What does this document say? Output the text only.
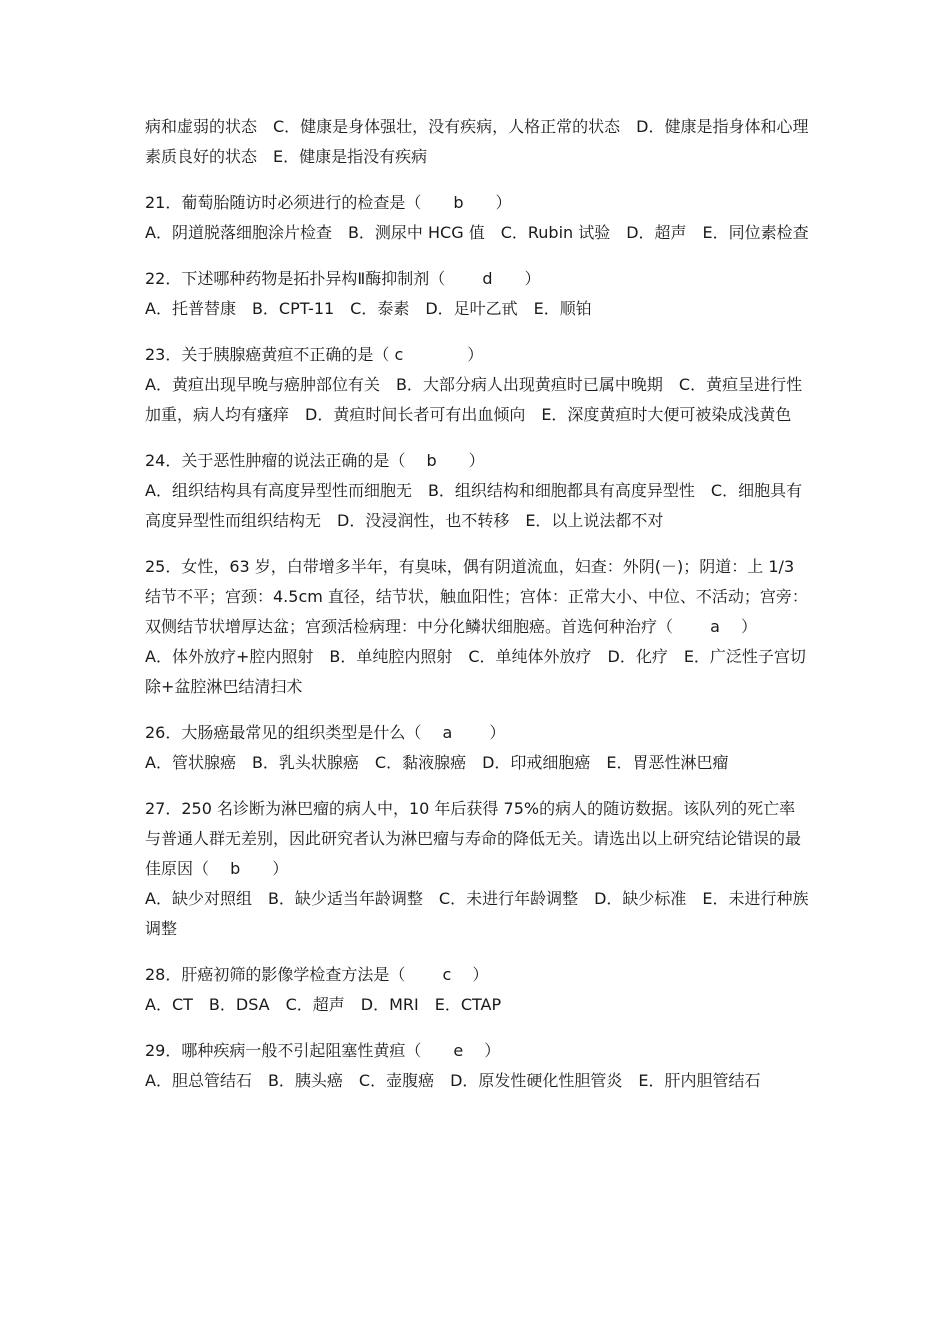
病和虚弱的状态　C．健康是身体强壮，没有疾病，人格正常的状态　D．健康是指身体和心理素质良好的状态　E．健康是指没有疾病

21．葡萄胎随访时必须进行的检查是（　　b　　）

A．阴道脱落细胞涂片检查　B．测尿中 HCG 值　C．Rubin 试验　D．超声　E．同位素检查

22．下述哪种药物是拓扑异构Ⅱ酶抑制剂（　　 d　　）

A．托普替康　B．CPT-11　C．泰素　D．足叶乙甙　E．顺铂

23．关于胰腺癌黄疸不正确的是（ c　　　　）

A．黄疸出现早晚与癌肿部位有关　B．大部分病人出现黄疸时已属中晚期　C．黄疸呈进行性加重，病人均有瘙痒　D．黄疸时间长者可有出血倾向　E．深度黄疸时大便可被染成浅黄色

24．关于恶性肿瘤的说法正确的是（　 b　　）

A．组织结构具有高度异型性而细胞无　B．组织结构和细胞都具有高度异型性　C．细胞具有高度异型性而组织结构无　D．没浸润性，也不转移　E．以上说法都不对

25．女性，63 岁，白带增多半年，有臭味，偶有阴道流血，妇查：外阴(－)；阴道：上 1/3 结节不平；宫颈：4.5cm 直径，结节状，触血阳性；宫体：正常大小、中位、不活动；宫旁：双侧结节状增厚达盆；宫颈活检病理：中分化鳞状细胞癌。首选何种治疗（　　 a　 ）

A．体外放疗+腔内照射　B．单纯腔内照射　C．单纯体外放疗　D．化疗　E．广泛性子宫切除+盆腔淋巴结清扫术

26．大肠癌最常见的组织类型是什么（　 a　　 ）

A．管状腺癌　B．乳头状腺癌　C．黏液腺癌　D．印戒细胞癌　E．胃恶性淋巴瘤

27．250 名诊断为淋巴瘤的病人中，10 年后获得 75%的病人的随访数据。该队列的死亡率与普通人群无差别，因此研究者认为淋巴瘤与寿命的降低无关。请选出以上研究结论错误的最佳原因（　 b　　）

A．缺少对照组　B．缺少适当年龄调整　C．未进行年龄调整　D．缺少标准　E．未进行种族调整

28．肝癌初筛的影像学检查方法是（　　 c　 ）

A．CT　B．DSA　C．超声　D．MRI　E．CTAP

29．哪种疾病一般不引起阻塞性黄疸（　　e　 ）

A．胆总管结石　B．胰头癌　C．壶腹癌　D．原发性硬化性胆管炎　E．肝内胆管结石
